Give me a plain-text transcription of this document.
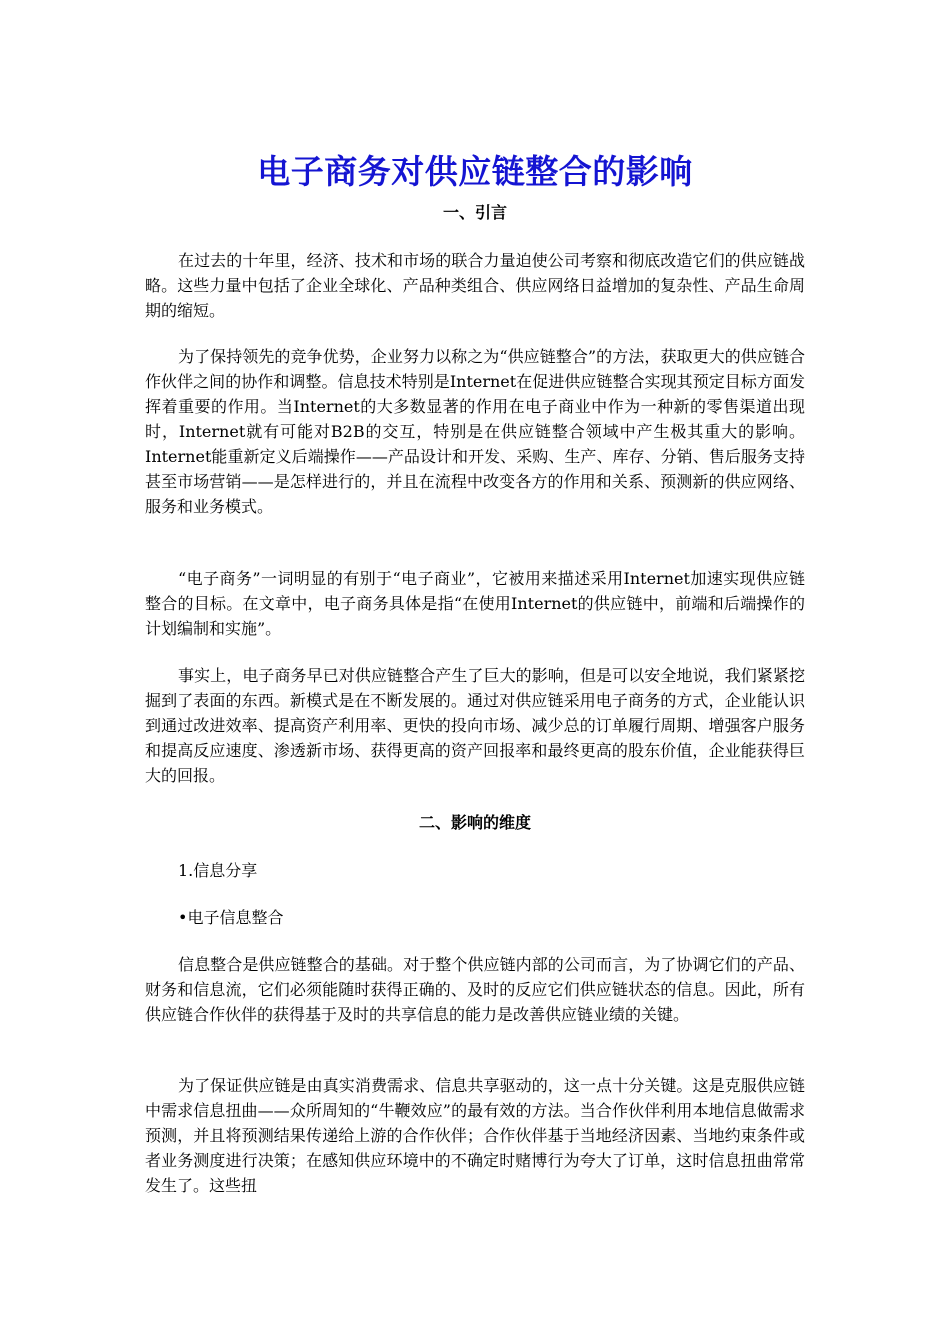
电子商务对供应链整合的影响
一、引言

在过去的十年里，经济、技术和市场的联合力量迫使公司考察和彻底改造它们的供应链战略。这些力量中包括了企业全球化、产品种类组合、供应网络日益增加的复杂性、产品生命周期的缩短。

为了保持领先的竞争优势，企业努力以称之为“供应链整合”的方法，获取更大的供应链合作伙伴之间的协作和调整。信息技术特别是Internet在促进供应链整合实现其预定目标方面发挥着重要的作用。当Internet的大多数显著的作用在电子商业中作为一种新的零售渠道出现时，Internet就有可能对B2B的交互，特别是在供应链整合领域中产生极其重大的影响。Internet能重新定义后端操作——产品设计和开发、采购、生产、库存、分销、售后服务支持甚至市场营销——是怎样进行的，并且在流程中改变各方的作用和关系、预测新的供应网络、服务和业务模式。

“电子商务”一词明显的有别于“电子商业”，它被用来描述采用Internet加速实现供应链整合的目标。在文章中，电子商务具体是指“在使用Internet的供应链中，前端和后端操作的计划编制和实施”。

事实上，电子商务早已对供应链整合产生了巨大的影响，但是可以安全地说，我们紧紧挖掘到了表面的东西。新模式是在不断发展的。通过对供应链采用电子商务的方式，企业能认识到通过改进效率、提高资产利用率、更快的投向市场、减少总的订单履行周期、增强客户服务和提高反应速度、渗透新市场、获得更高的资产回报率和最终更高的股东价值，企业能获得巨大的回报。

二、影响的维度
1.信息分享
•电子信息整合

信息整合是供应链整合的基础。对于整个供应链内部的公司而言，为了协调它们的产品、财务和信息流，它们必须能随时获得正确的、及时的反应它们供应链状态的信息。因此，所有供应链合作伙伴的获得基于及时的共享信息的能力是改善供应链业绩的关键。

为了保证供应链是由真实消费需求、信息共享驱动的，这一点十分关键。这是克服供应链中需求信息扭曲——众所周知的“牛鞭效应”的最有效的方法。当合作伙伴利用本地信息做需求预测，并且将预测结果传递给上游的合作伙伴；合作伙伴基于当地经济因素、当地约束条件或者业务测度进行决策；在感知供应环境中的不确定时赌博行为夸大了订单，这时信息扭曲常常发生了。这些扭
